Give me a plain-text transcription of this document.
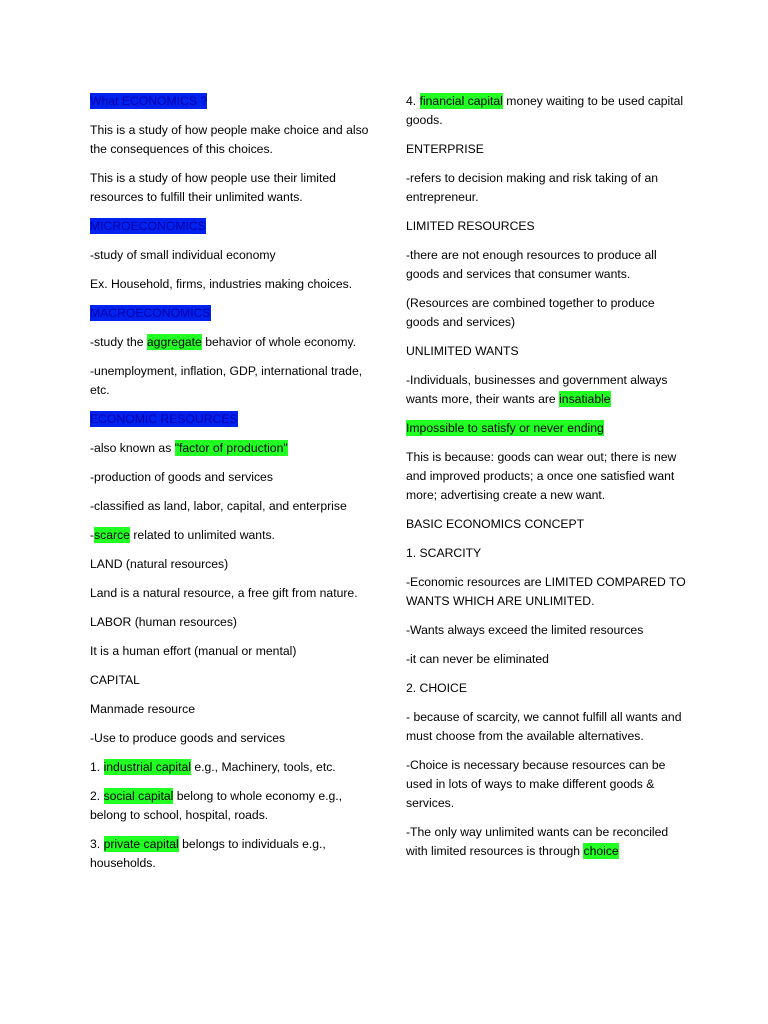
What ECONOMICS ?

This is a study of how people make choice and also the consequences of this choices.

This is a study of how people use their limited resources to fulfill their unlimited wants.

MICROECONOMICS

-study of small individual economy

Ex. Household, firms, industries making choices.

MACROECONOMICS

-study the aggregate behavior of whole economy.

-unemployment, inflation, GDP, international trade, etc.

ECONOMIC RESOURCES

-also known as "factor of production"

-production of goods and services

-classified as land, labor, capital, and enterprise

-scarce related to unlimited wants.

LAND (natural resources)

Land is a natural resource, a free gift from nature.

LABOR (human resources)

It is a human effort (manual or mental)

CAPITAL

Manmade resource

-Use to produce goods and services

1. industrial capital e.g., Machinery, tools, etc.

2. social capital belong to whole economy e.g., belong to school, hospital, roads.

3. private capital belongs to individuals e.g., households.

4. financial capital money waiting to be used capital goods.

ENTERPRISE

-refers to decision making and risk taking of an entrepreneur.

LIMITED RESOURCES

-there are not enough resources to produce all goods and services that consumer wants.

(Resources are combined together to produce goods and services)

UNLIMITED WANTS

-Individuals, businesses and government always wants more, their wants are insatiable

Impossible to satisfy or never ending

This is because: goods can wear out; there is new and improved products; a once one satisfied want more; advertising create a new want.

BASIC ECONOMICS CONCEPT

1. SCARCITY

-Economic resources are LIMITED COMPARED TO WANTS WHICH ARE UNLIMITED.

-Wants always exceed the limited resources

-it can never be eliminated

2. CHOICE

- because of scarcity, we cannot fulfill all wants and must choose from the available alternatives.

-Choice is necessary because resources can be used in lots of ways to make different goods & services.

-The only way unlimited wants can be reconciled with limited resources is through choice
